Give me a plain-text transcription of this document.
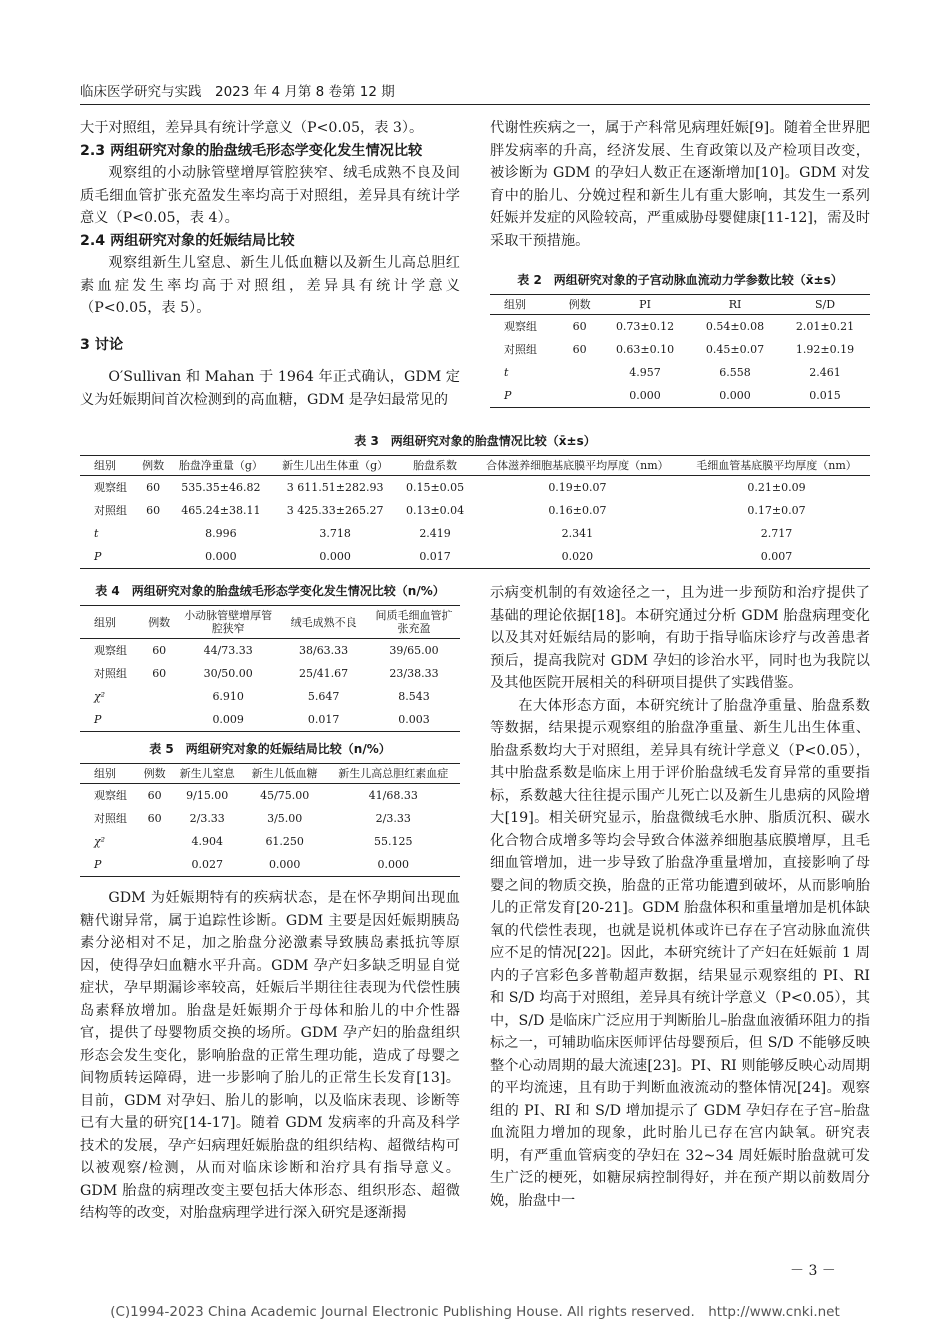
临床医学研究与实践　2023 年 4 月第 8 卷第 12 期

大于对照组，差异具有统计学意义（P<0.05，表 3）。

2.3 两组研究对象的胎盘绒毛形态学变化发生情况比较

观察组的小动脉管壁增厚管腔狭窄、绒毛成熟不良及间质毛细血管扩张充盈发生率均高于对照组，差异具有统计学意义（P<0.05，表 4）。

2.4 两组研究对象的妊娠结局比较

观察组新生儿窒息、新生儿低血糖以及新生儿高总胆红素血症发生率均高于对照组，差异具有统计学意义（P<0.05，表 5）。

3 讨论

O′Sullivan 和 Mahan 于 1964 年正式确认，GDM 定义为妊娠期间首次检测到的高血糖，GDM 是孕妇最常见的

代谢性疾病之一，属于产科常见病理妊娠[9]。随着全世界肥胖发病率的升高，经济发展、生育政策以及产检项目改变，被诊断为 GDM 的孕妇人数正在逐渐增加[10]。GDM 对发育中的胎儿、分娩过程和新生儿有重大影响，其发生一系列妊娠并发症的风险较高，严重威胁母婴健康[11-12]，需及时采取干预措施。

表 2　两组研究对象的子宫动脉血流动力学参数比较（x̄±s）

组别	例数	PI	RI	S/D
观察组	60	0.73±0.12	0.54±0.08	2.01±0.21
对照组	60	0.63±0.10	0.45±0.07	1.92±0.19
t		4.957	6.558	2.461
P		0.000	0.000	0.015

表 3　两组研究对象的胎盘情况比较（x̄±s）

组别	例数	胎盘净重量（g）	新生儿出生体重（g）	胎盘系数	合体滋养细胞基底膜平均厚度（nm）	毛细血管基底膜平均厚度（nm）
观察组	60	535.35±46.82	3 611.51±282.93	0.15±0.05	0.19±0.07	0.21±0.09
对照组	60	465.24±38.11	3 425.33±265.27	0.13±0.04	0.16±0.07	0.17±0.07
t		8.996	3.718	2.419	2.341	2.717
P		0.000	0.000	0.017	0.020	0.007

表 4　两组研究对象的胎盘绒毛形态学变化发生情况比较（n/%）

组别	例数	小动脉管壁增厚管腔狭窄	绒毛成熟不良	间质毛细血管扩张充盈
观察组	60	44/73.33	38/63.33	39/65.00
对照组	60	30/50.00	25/41.67	23/38.33
χ²		6.910	5.647	8.543
P		0.009	0.017	0.003

表 5　两组研究对象的妊娠结局比较（n/%）

组别	例数	新生儿窒息	新生儿低血糖	新生儿高总胆红素血症
观察组	60	9/15.00	45/75.00	41/68.33
对照组	60	2/3.33	3/5.00	2/3.33
χ²		4.904	61.250	55.125
P		0.027	0.000	0.000

GDM 为妊娠期特有的疾病状态，是在怀孕期间出现血糖代谢异常，属于追踪性诊断。GDM 主要是因妊娠期胰岛素分泌相对不足，加之胎盘分泌激素导致胰岛素抵抗等原因，使得孕妇血糖水平升高。GDM 孕产妇多缺乏明显自觉症状，孕早期漏诊率较高，妊娠后半期往往表现为代偿性胰岛素释放增加。胎盘是妊娠期介于母体和胎儿的中介性器官，提供了母婴物质交换的场所。GDM 孕产妇的胎盘组织形态会发生变化，影响胎盘的正常生理功能，造成了母婴之间物质转运障碍，进一步影响了胎儿的正常生长发育[13]。目前，GDM 对孕妇、胎儿的影响，以及临床表现、诊断等已有大量的研究[14-17]。随着 GDM 发病率的升高及科学技术的发展，孕产妇病理妊娠胎盘的组织结构、超微结构可以被观察/检测，从而对临床诊断和治疗具有指导意义。GDM 胎盘的病理改变主要包括大体形态、组织形态、超微结构等的改变，对胎盘病理学进行深入研究是逐渐揭

示病变机制的有效途径之一，且为进一步预防和治疗提供了基础的理论依据[18]。本研究通过分析 GDM 胎盘病理变化以及其对妊娠结局的影响，有助于指导临床诊疗与改善患者预后，提高我院对 GDM 孕妇的诊治水平，同时也为我院以及其他医院开展相关的科研项目提供了实践借鉴。

在大体形态方面，本研究统计了胎盘净重量、胎盘系数等数据，结果提示观察组的胎盘净重量、新生儿出生体重、胎盘系数均大于对照组，差异具有统计学意义（P<0.05），其中胎盘系数是临床上用于评价胎盘绒毛发育异常的重要指标，系数越大往往提示围产儿死亡以及新生儿患病的风险增大[19]。相关研究显示，胎盘微绒毛水肿、脂质沉积、碳水化合物合成增多等均会导致合体滋养细胞基底膜增厚，且毛细血管增加，进一步导致了胎盘净重量增加，直接影响了母婴之间的物质交换，胎盘的正常功能遭到破坏，从而影响胎儿的正常发育[20-21]。GDM 胎盘体积和重量增加是机体缺氧的代偿性表现，也就是说机体或许已存在子宫动脉血流供应不足的情况[22]。因此，本研究统计了产妇在妊娠前 1 周内的子宫彩色多普勒超声数据，结果显示观察组的 PI、RI 和 S/D 均高于对照组，差异具有统计学意义（P<0.05），其中，S/D 是临床广泛应用于判断胎儿–胎盘血液循环阻力的指标之一，可辅助临床医师评估母婴预后，但 S/D 不能够反映整个心动周期的最大流速[23]。PI、RI 则能够反映心动周期的平均流速，且有助于判断血液流动的整体情况[24]。观察组的 PI、RI 和 S/D 增加提示了 GDM 孕妇存在子宫–胎盘血流阻力增加的现象，此时胎儿已存在宫内缺氧。研究表明，有严重血管病变的孕妇在 32~34 周妊娠时胎盘就可发生广泛的梗死，如糖尿病控制得好，并在预产期以前数周分娩，胎盘中一

－ 3 －
(C)1994-2023 China Academic Journal Electronic Publishing House. All rights reserved.　http://www.cnki.net
